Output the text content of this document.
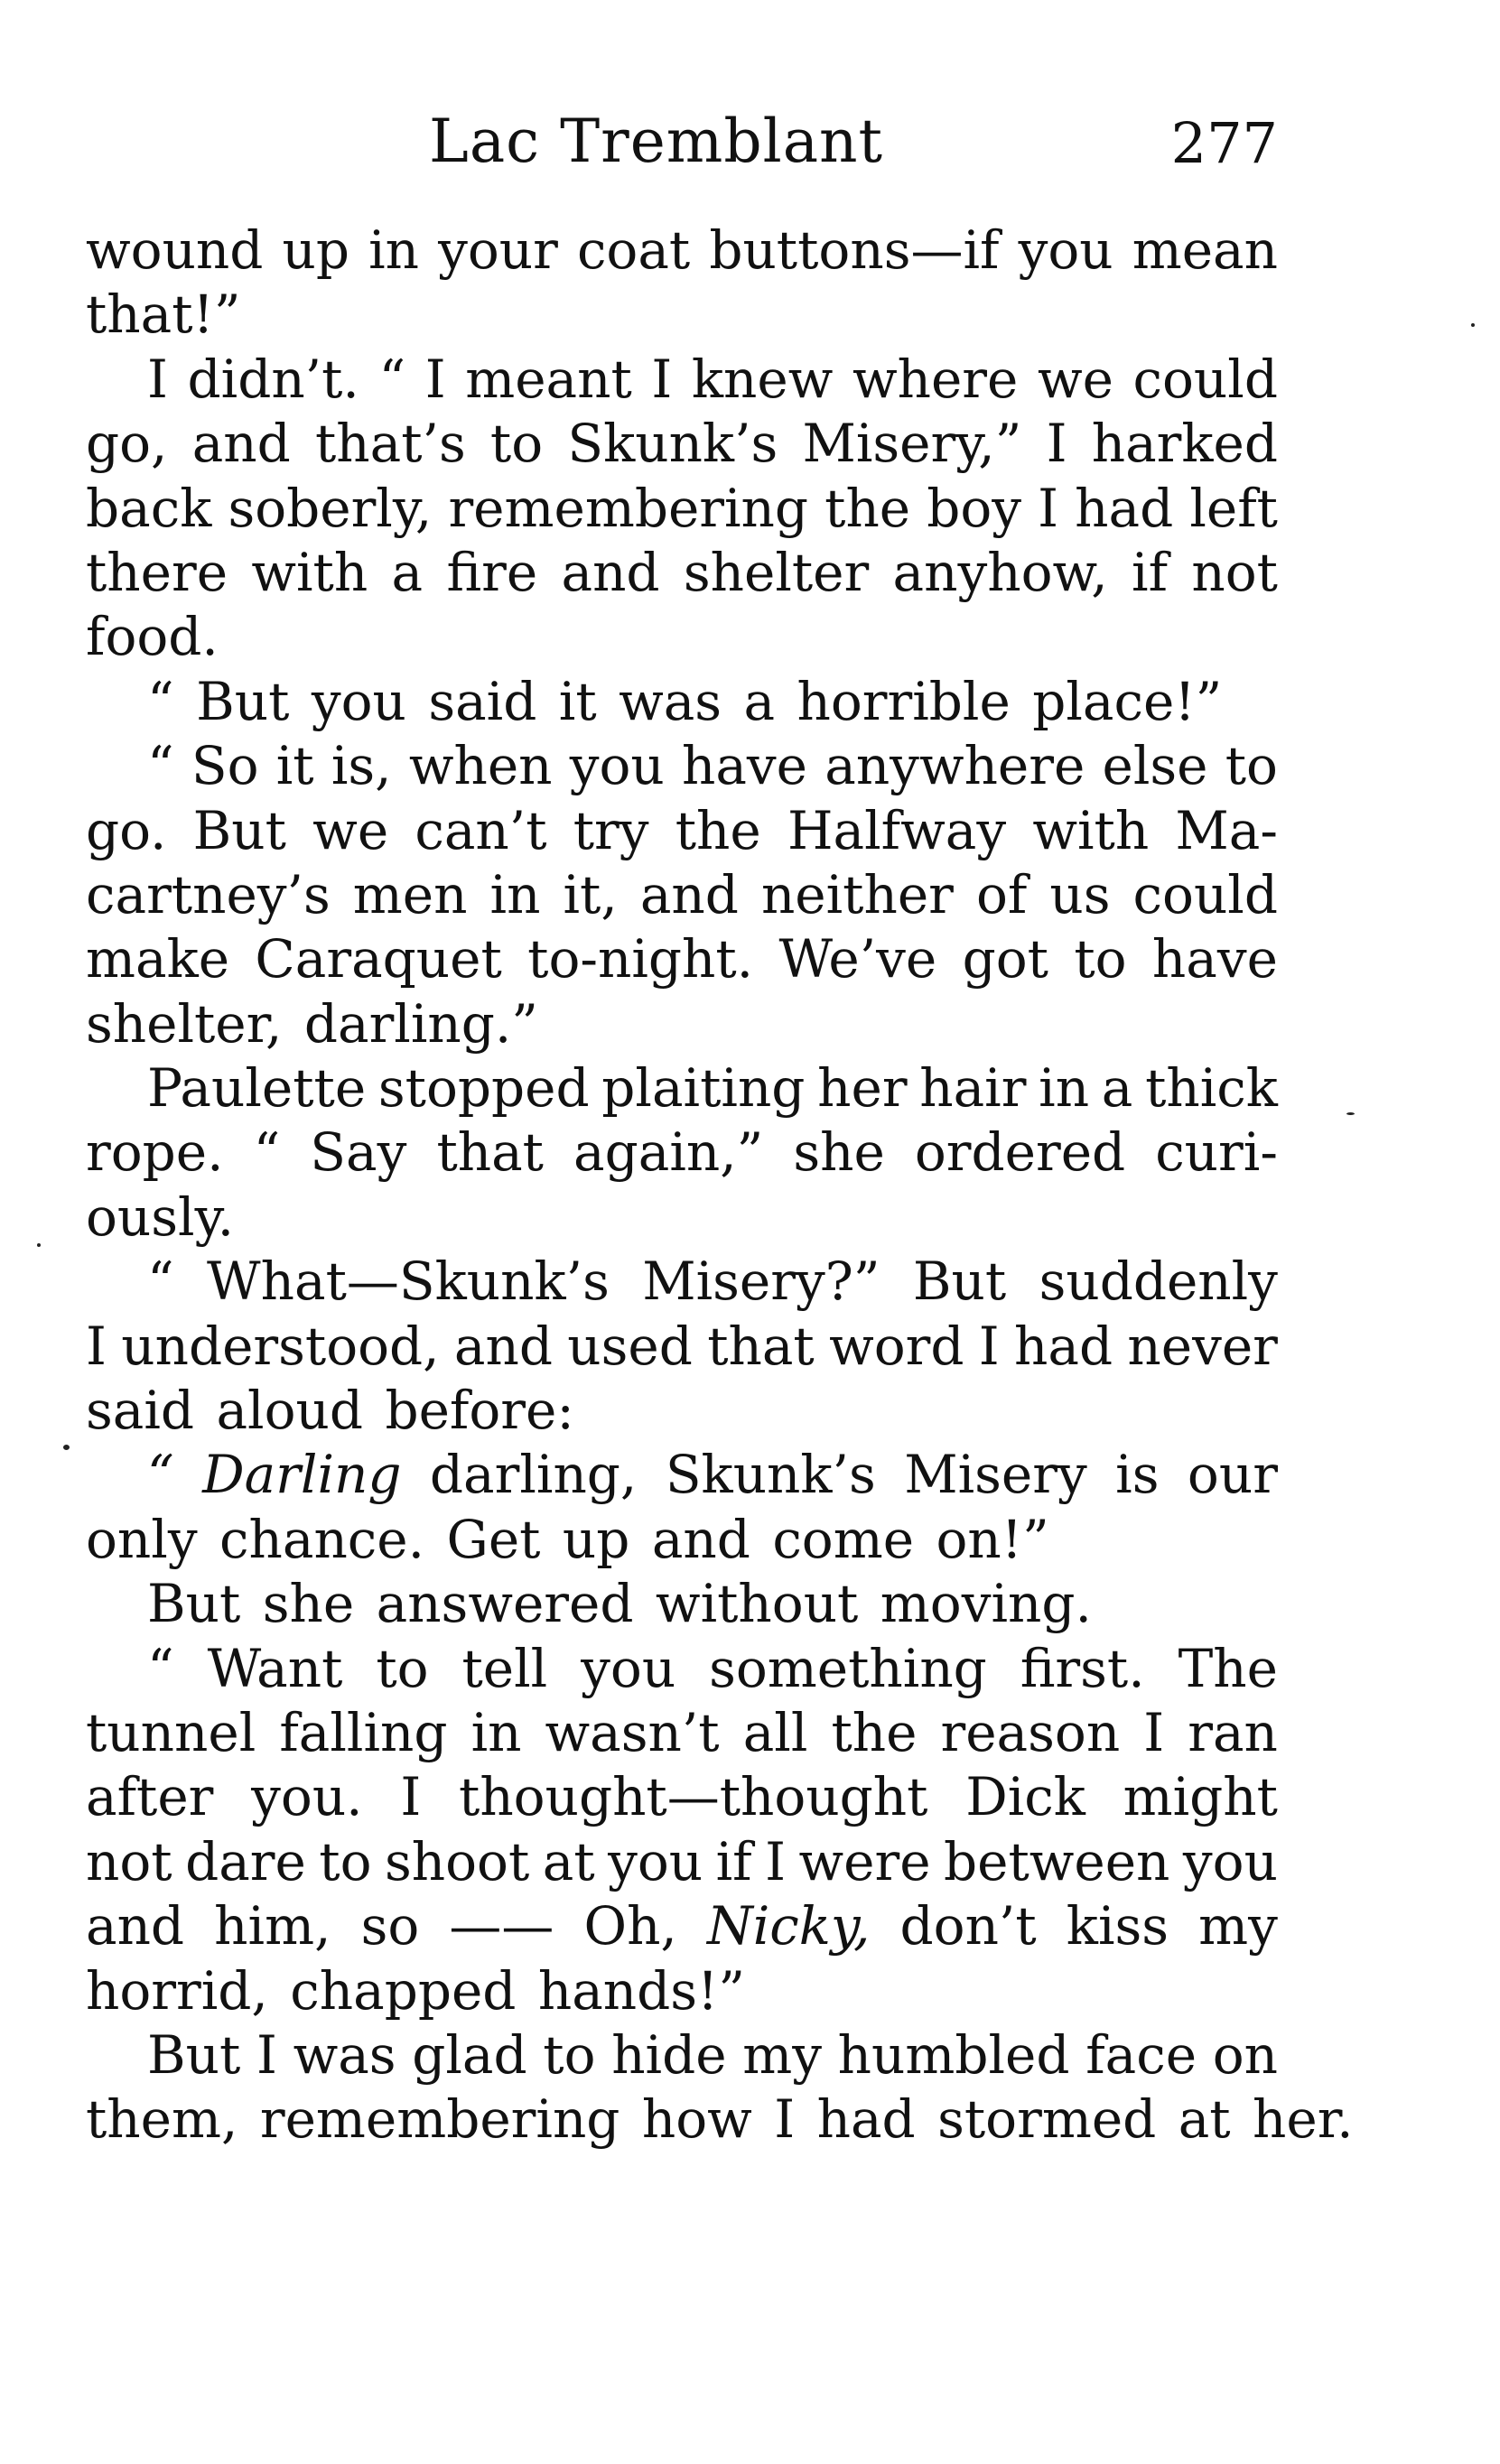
Lac Tremblant	277
wound up in your coat buttons—if you mean
that!”
I didn’t. “ I meant I knew where we could
go, and that’s to Skunk’s Misery,” I harked
back soberly, remembering the boy I had left
there with a fire and shelter anyhow, if not
food.
“ But you said it was a horrible place!”
“ So it is, when you have anywhere else to
go. But we can’t try the Halfway with Ma-
cartney’s men in it, and neither of us could
make Caraquet to-night. We’ve got to have
shelter, darling.”
Paulette stopped plaiting her hair in a thick
rope. “ Say that again,” she ordered curi-
ously.
“ What—Skunk’s Misery?” But suddenly
I understood, and used that word I had never
said aloud before:
“ Darling darling, Skunk’s Misery is our
only chance. Get up and come on!”
But she answered without moving.
“ Want to tell you something first. The
tunnel falling in wasn’t all the reason I ran
after you. I thought—thought Dick might
not dare to shoot at you if I were between you
and him, so —— Oh, Nicky, don’t kiss my
horrid, chapped hands!”
But I was glad to hide my humbled face on
them, remembering how I had stormed at her.
